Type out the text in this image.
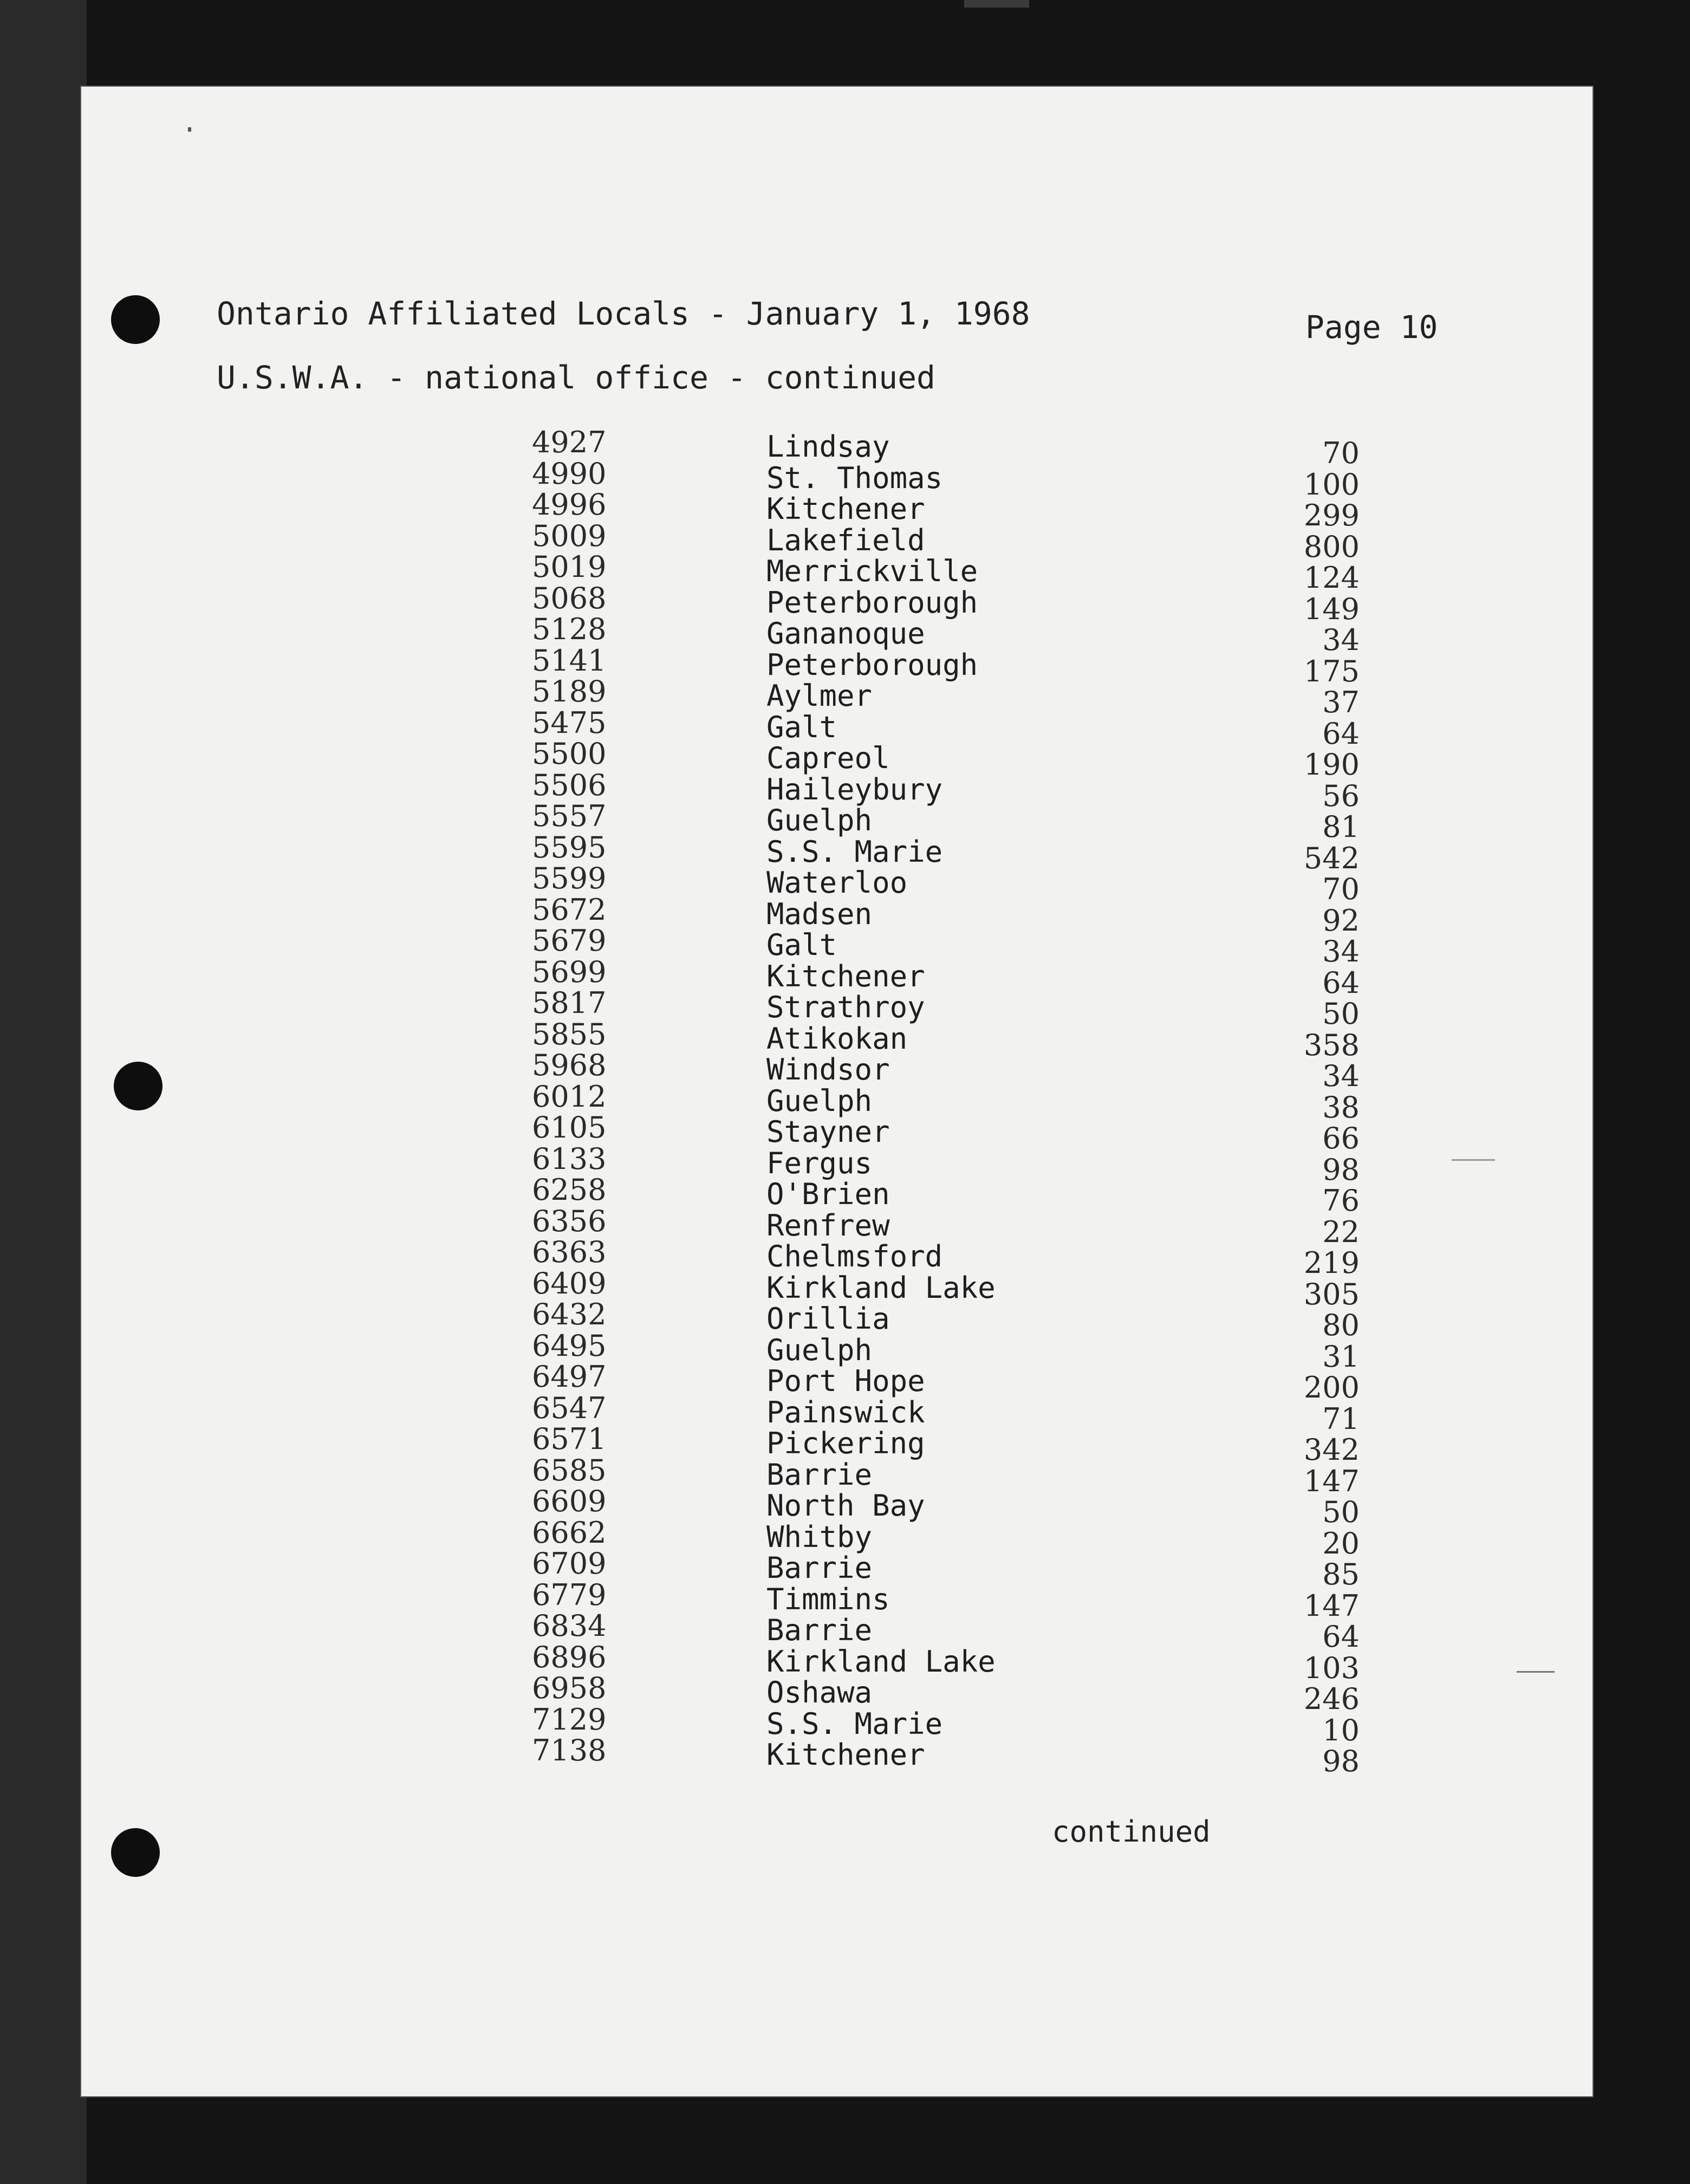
Ontario Affiliated Locals - January 1, 1968	Page 10
U.S.W.A. - national office - continued
4927	Lindsay	70
4990	St. Thomas	100
4996	Kitchener	299
5009	Lakefield	800
5019	Merrickville	124
5068	Peterborough	149
5128	Gananoque	34
5141	Peterborough	175
5189	Aylmer	37
5475	Galt	64
5500	Capreol	190
5506	Haileybury	56
5557	Guelph	81
5595	S.S. Marie	542
5599	Waterloo	70
5672	Madsen	92
5679	Galt	34
5699	Kitchener	64
5817	Strathroy	50
5855	Atikokan	358
5968	Windsor	34
6012	Guelph	38
6105	Stayner	66
6133	Fergus	98
6258	O'Brien	76
6356	Renfrew	22
6363	Chelmsford	219
6409	Kirkland Lake	305
6432	Orillia	80
6495	Guelph	31
6497	Port Hope	200
6547	Painswick	71
6571	Pickering	342
6585	Barrie	147
6609	North Bay	50
6662	Whitby	20
6709	Barrie	85
6779	Timmins	147
6834	Barrie	64
6896	Kirkland Lake	103
6958	Oshawa	246
7129	S.S. Marie	10
7138	Kitchener	98
continued
